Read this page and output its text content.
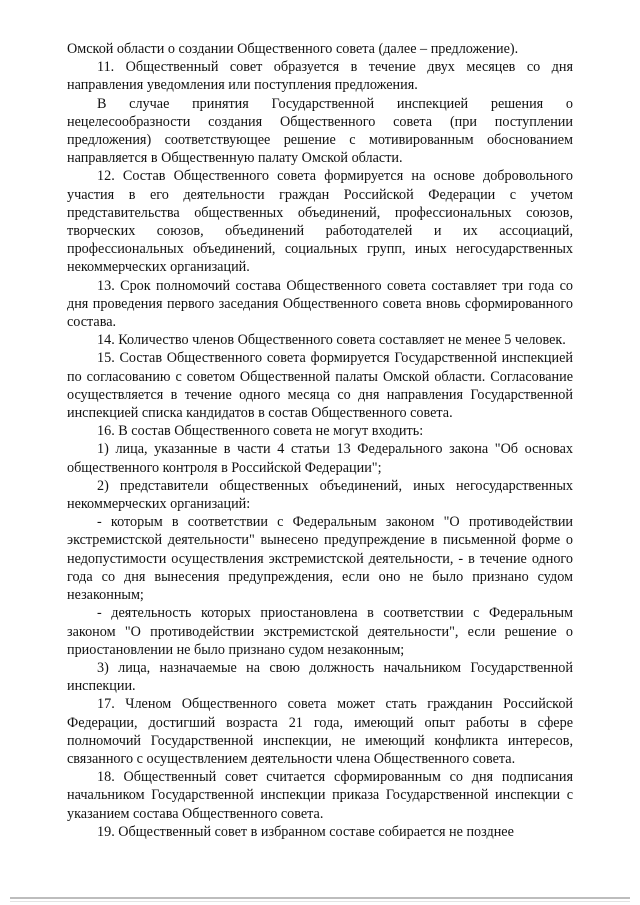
Омской области о создании Общественного совета (далее – предложение).

11. Общественный совет образуется в течение двух месяцев со дня направления уведомления или поступления предложения.

В случае принятия Государственной инспекцией решения о нецелесообразности создания Общественного совета (при поступлении предложения) соответствующее решение с мотивированным обоснованием направляется в Общественную палату Омской области.

12. Состав Общественного совета формируется на основе добровольного участия в его деятельности граждан Российской Федерации с учетом представительства общественных объединений, профессиональных союзов, творческих союзов, объединений работодателей и их ассоциаций, профессиональных объединений, социальных групп, иных негосударственных некоммерческих организаций.

13. Срок полномочий состава Общественного совета составляет три года со дня проведения первого заседания Общественного совета вновь сформированного состава.

14. Количество членов Общественного совета составляет не менее 5 человек.

15. Состав Общественного совета формируется Государственной инспекцией по согласованию с советом Общественной палаты Омской области. Согласование осуществляется в течение одного месяца со дня направления Государственной инспекцией списка кандидатов в состав Общественного совета.

16. В состав Общественного совета не могут входить:

1) лица, указанные в части 4 статьи 13 Федерального закона "Об основах общественного контроля в Российской Федерации";

2) представители общественных объединений, иных негосударственных некоммерческих организаций:

- которым в соответствии с Федеральным законом "О противодействии экстремистской деятельности" вынесено предупреждение в письменной форме о недопустимости осуществления экстремистской деятельности, - в течение одного года со дня вынесения предупреждения, если оно не было признано судом незаконным;

- деятельность которых приостановлена в соответствии с Федеральным законом "О противодействии экстремистской деятельности", если решение о приостановлении не было признано судом незаконным;

3) лица, назначаемые на свою должность начальником Государственной инспекции.

17. Членом Общественного совета может стать гражданин Российской Федерации, достигший возраста 21 года, имеющий опыт работы в сфере полномочий Государственной инспекции, не имеющий конфликта интересов, связанного с осуществлением деятельности члена Общественного совета.

18. Общественный совет считается сформированным со дня подписания начальником Государственной инспекции приказа Государственной инспекции с указанием состава Общественного совета.

19. Общественный совет в избранном составе собирается не позднее
